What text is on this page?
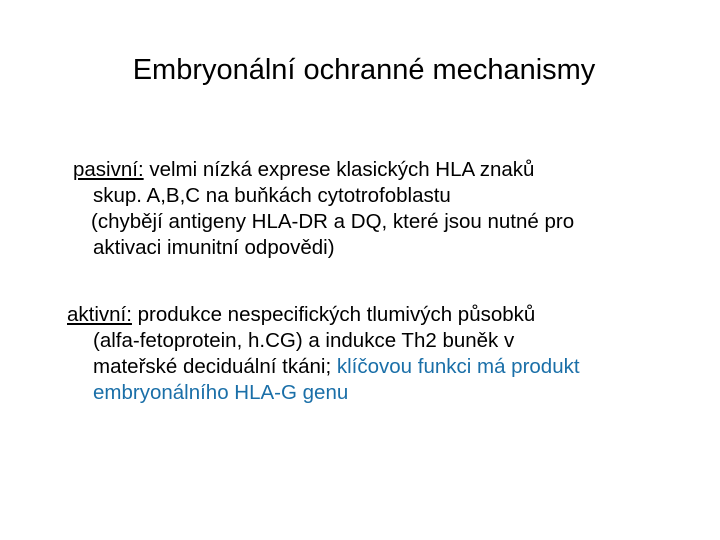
Embryonální ochranné mechanismy
pasivní: velmi nízká exprese klasických HLA znaků
skup. A,B,C na buňkách cytotrofoblastu
(chybějí antigeny HLA-DR a DQ, které jsou nutné pro
aktivaci imunitní odpovědi)
aktivní: produkce nespecifických tlumivých působků
(alfa-fetoprotein, h.CG) a indukce Th2 buněk v
mateřské deciduální tkáni; klíčovou funkci má produkt
embryonálního HLA-G genu
